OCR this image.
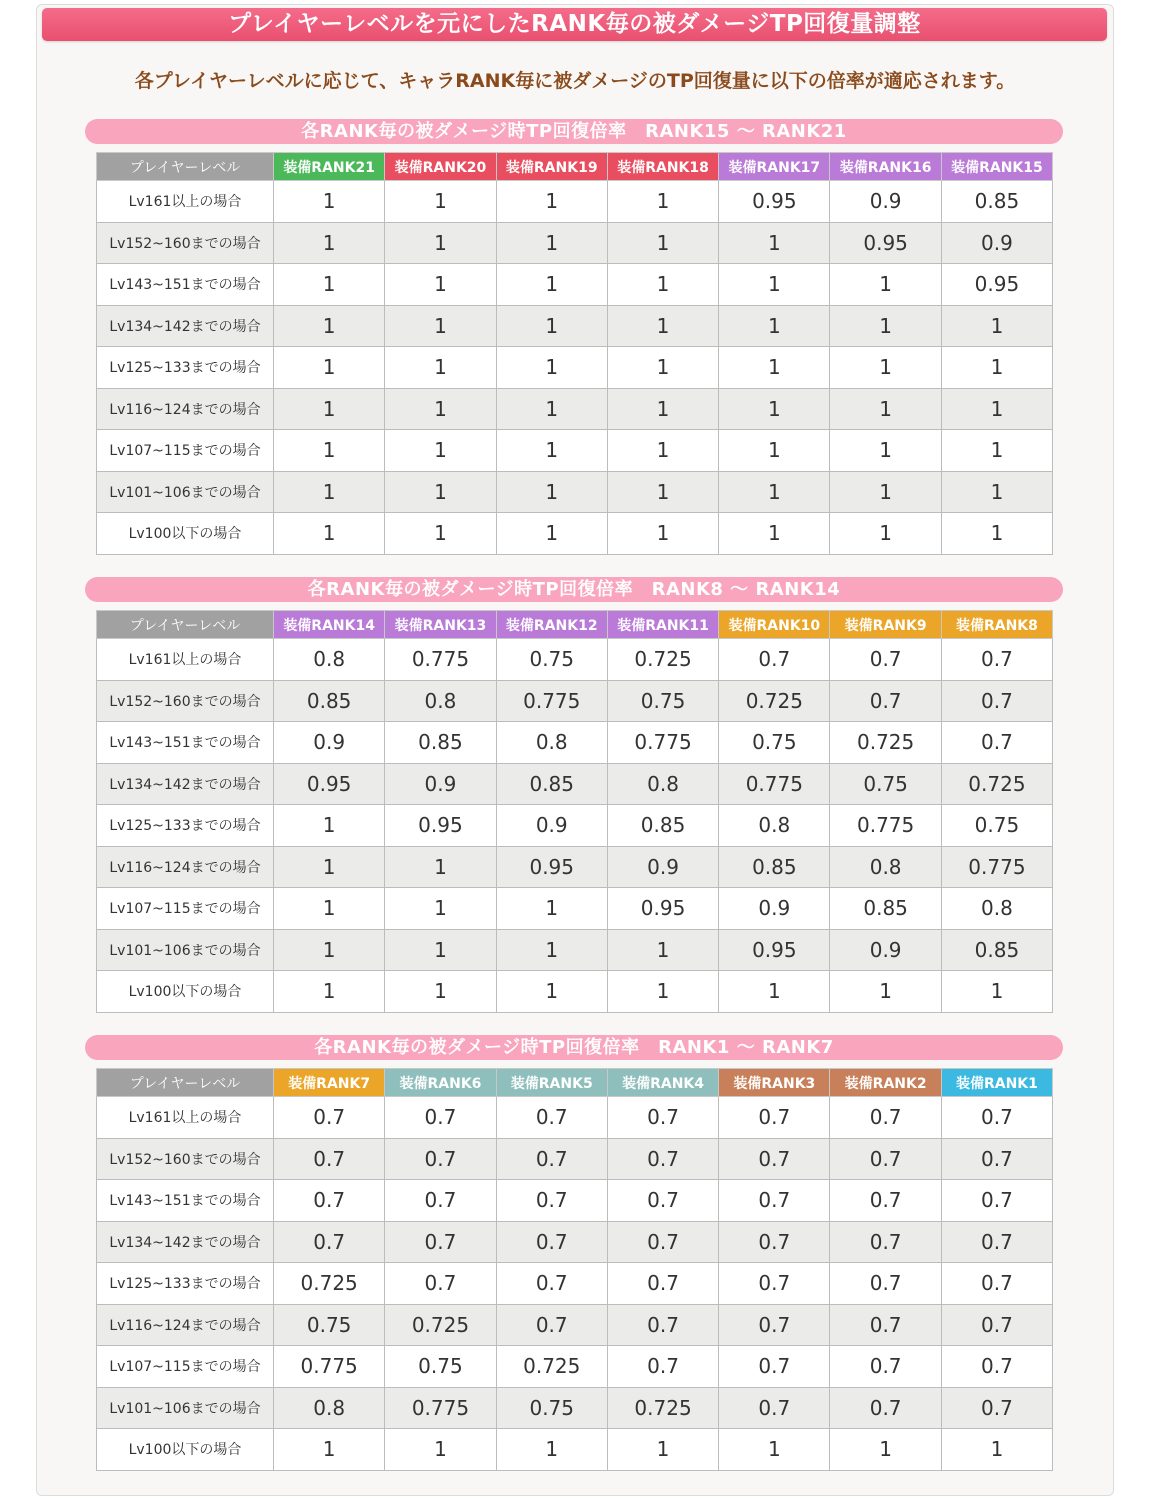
プレイヤーレベルを元にしたRANK毎の被ダメージTP回復量調整
各プレイヤーレベルに応じて、キャラRANK毎に被ダメージのTP回復量に以下の倍率が適応されます。
各RANK毎の被ダメージ時TP回復倍率　RANK15 ～ RANK21
プレイヤーレベル	装備RANK21	装備RANK20	装備RANK19	装備RANK18	装備RANK17	装備RANK16	装備RANK15
Lv161以上の場合	1	1	1	1	0.95	0.9	0.85
Lv152~160までの場合	1	1	1	1	1	0.95	0.9
Lv143~151までの場合	1	1	1	1	1	1	0.95
Lv134~142までの場合	1	1	1	1	1	1	1
Lv125~133までの場合	1	1	1	1	1	1	1
Lv116~124までの場合	1	1	1	1	1	1	1
Lv107~115までの場合	1	1	1	1	1	1	1
Lv101~106までの場合	1	1	1	1	1	1	1
Lv100以下の場合	1	1	1	1	1	1	1
各RANK毎の被ダメージ時TP回復倍率　RANK8 ～ RANK14
プレイヤーレベル	装備RANK14	装備RANK13	装備RANK12	装備RANK11	装備RANK10	装備RANK9	装備RANK8
Lv161以上の場合	0.8	0.775	0.75	0.725	0.7	0.7	0.7
Lv152~160までの場合	0.85	0.8	0.775	0.75	0.725	0.7	0.7
Lv143~151までの場合	0.9	0.85	0.8	0.775	0.75	0.725	0.7
Lv134~142までの場合	0.95	0.9	0.85	0.8	0.775	0.75	0.725
Lv125~133までの場合	1	0.95	0.9	0.85	0.8	0.775	0.75
Lv116~124までの場合	1	1	0.95	0.9	0.85	0.8	0.775
Lv107~115までの場合	1	1	1	0.95	0.9	0.85	0.8
Lv101~106までの場合	1	1	1	1	0.95	0.9	0.85
Lv100以下の場合	1	1	1	1	1	1	1
各RANK毎の被ダメージ時TP回復倍率　RANK1 ～ RANK7
プレイヤーレベル	装備RANK7	装備RANK6	装備RANK5	装備RANK4	装備RANK3	装備RANK2	装備RANK1
Lv161以上の場合	0.7	0.7	0.7	0.7	0.7	0.7	0.7
Lv152~160までの場合	0.7	0.7	0.7	0.7	0.7	0.7	0.7
Lv143~151までの場合	0.7	0.7	0.7	0.7	0.7	0.7	0.7
Lv134~142までの場合	0.7	0.7	0.7	0.7	0.7	0.7	0.7
Lv125~133までの場合	0.725	0.7	0.7	0.7	0.7	0.7	0.7
Lv116~124までの場合	0.75	0.725	0.7	0.7	0.7	0.7	0.7
Lv107~115までの場合	0.775	0.75	0.725	0.7	0.7	0.7	0.7
Lv101~106までの場合	0.8	0.775	0.75	0.725	0.7	0.7	0.7
Lv100以下の場合	1	1	1	1	1	1	1
